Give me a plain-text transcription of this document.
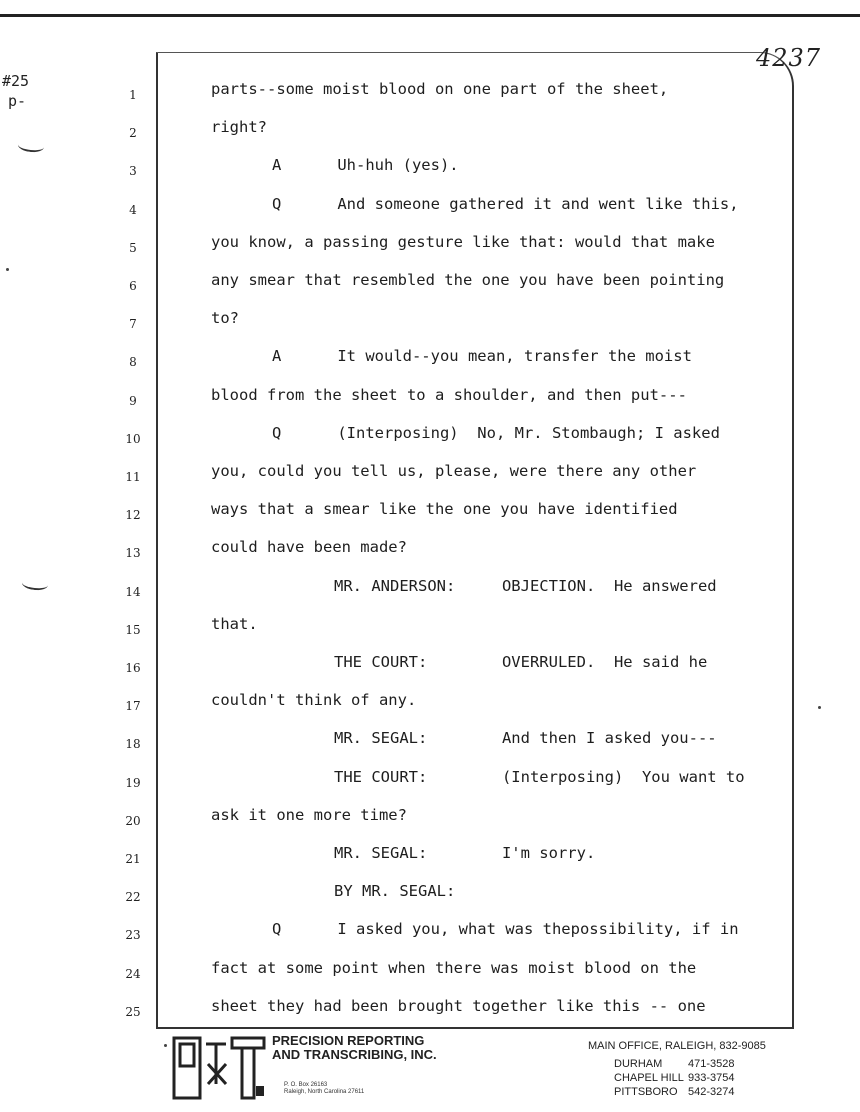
#25
p-
4237
1	parts--some moist blood on one part of the sheet,
2	right?
3	A      Uh-huh (yes).
4	Q      And someone gathered it and went like this,
5	you know, a passing gesture like that: would that make
6	any smear that resembled the one you have been pointing
7	to?
8	A      It would--you mean, transfer the moist
9	blood from the sheet to a shoulder, and then put---
10	Q      (Interposing)  No, Mr. Stombaugh; I asked
11	you, could you tell us, please, were there any other
12	ways that a smear like the one you have identified
13	could have been made?
14	MR. ANDERSON:     OBJECTION.  He answered
15	that.
16	THE COURT:        OVERRULED.  He said he
17	couldn't think of any.
18	MR. SEGAL:        And then I asked you---
19	THE COURT:        (Interposing)  You want to
20	ask it one more time?
21	MR. SEGAL:        I'm sorry.
22	BY MR. SEGAL:
23	Q      I asked you, what was thepossibility, if in
24	fact at some point when there was moist blood on the
25	sheet they had been brought together like this -- one
PRECISION REPORTING
AND TRANSCRIBING, INC.
P. O. Box 26163
Raleigh, North Carolina 27611
MAIN OFFICE, RALEIGH, 832-9085
DURHAM 471-3528
CHAPEL HILL 933-3754
PITTSBORO 542-3274
